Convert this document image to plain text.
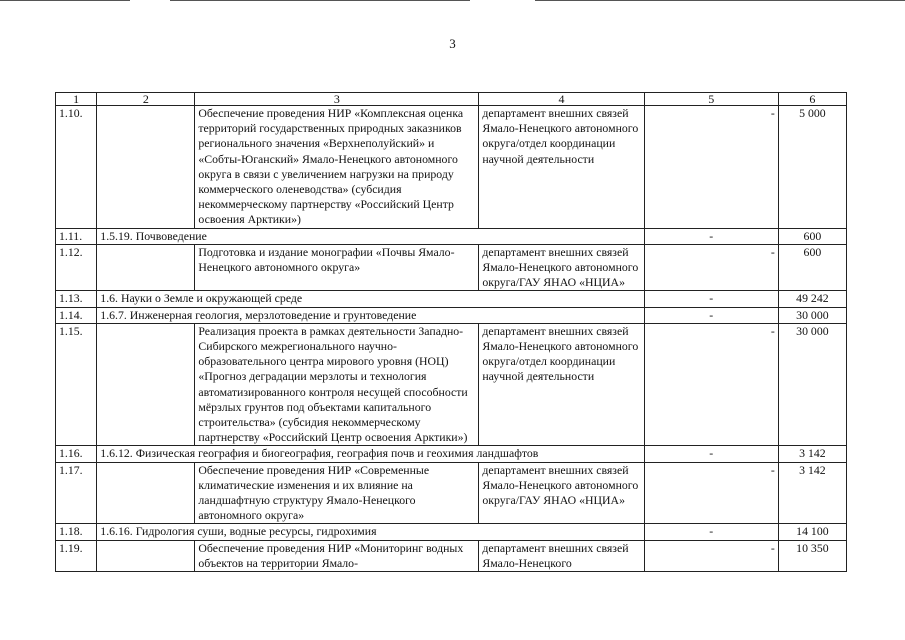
3
1	2	3	4	5	6
1.10.		Обеспечение проведения НИР «Комплексная оценка территорий государственных природных заказников регионального значения «Верхнеполуйский» и «Собты-Юганский» Ямало-Ненецкого автономного округа в связи с увеличением нагрузки на природу коммерческого оленеводства» (субсидия некоммерческому партнерству «Российский Центр освоения Арктики»)	департамент внешних связей Ямало-Ненецкого автономного округа/отдел координации научной деятельности	-	5 000
1.11.	1.5.19. Почвоведение			-	600
1.12.		Подготовка и издание монографии «Почвы Ямало-Ненецкого автономного округа»	департамент внешних связей Ямало-Ненецкого автономного округа/ГАУ ЯНАО «НЦИА»	-	600
1.13.	1.6. Науки о Земле и окружающей среде			-	49 242
1.14.	1.6.7. Инженерная геология, мерзлотоведение и грунтоведение			-	30 000
1.15.		Реализация проекта в рамках деятельности Западно-Сибирского межрегионального научно-образовательного центра мирового уровня (НОЦ) «Прогноз деградации мерзлоты и технология автоматизированного контроля несущей способности мёрзлых грунтов под объектами капитального строительства» (субсидия некоммерческому партнерству «Российский Центр освоения Арктики»)	департамент внешних связей Ямало-Ненецкого автономного округа/отдел координации научной деятельности	-	30 000
1.16.	1.6.12. Физическая география и биогеография, география почв и геохимия ландшафтов			-	3 142
1.17.		Обеспечение проведения НИР «Современные климатические изменения и их влияние на ландшафтную структуру Ямало-Ненецкого автономного округа»	департамент внешних связей Ямало-Ненецкого автономного округа/ГАУ ЯНАО «НЦИА»	-	3 142
1.18.	1.6.16. Гидрология суши, водные ресурсы, гидрохимия			-	14 100
1.19.		Обеспечение проведения НИР «Мониторинг водных объектов на территории Ямало-	департамент внешних связей Ямало-Ненецкого	-	10 350
